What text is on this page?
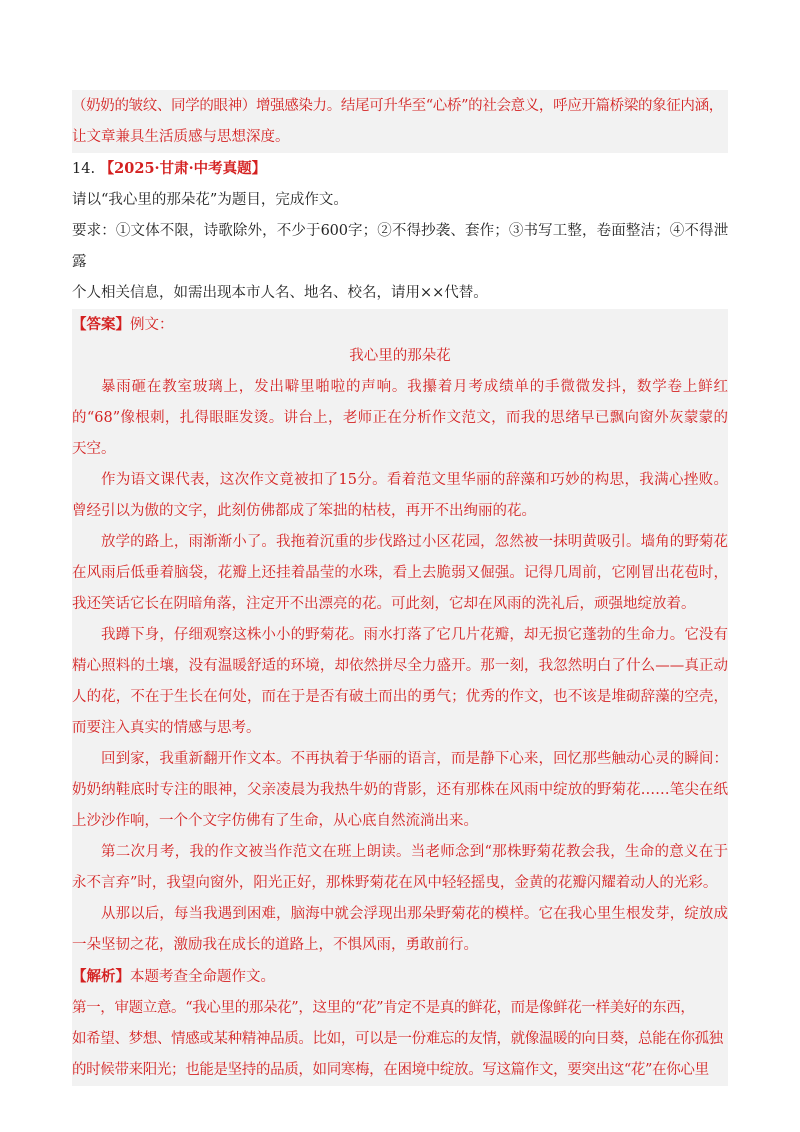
（奶奶的皱纹、同学的眼神）增强感染力。结尾可升华至“心桥”的社会意义，呼应开篇桥梁的象征内涵，

让文章兼具生活质感与思想深度。

14. 【2025·甘肃·中考真题】

请以“我心里的那朵花”为题目，完成作文。

要求：①文体不限，诗歌除外，不少于600字；②不得抄袭、套作；③书写工整，卷面整洁；④不得泄露

个人相关信息，如需出现本市人名、地名、校名，请用××代替。

【答案】例文：

我心里的那朵花

暴雨砸在教室玻璃上，发出噼里啪啦的声响。我攥着月考成绩单的手微微发抖，数学卷上鲜红的“68”像根刺，扎得眼眶发烫。讲台上，老师正在分析作文范文，而我的思绪早已飘向窗外灰蒙蒙的天空。

作为语文课代表，这次作文竟被扣了15分。看着范文里华丽的辞藻和巧妙的构思，我满心挫败。曾经引以为傲的文字，此刻仿佛都成了笨拙的枯枝，再开不出绚丽的花。

放学的路上，雨渐渐小了。我拖着沉重的步伐路过小区花园，忽然被一抹明黄吸引。墙角的野菊花在风雨后低垂着脑袋，花瓣上还挂着晶莹的水珠，看上去脆弱又倔强。记得几周前，它刚冒出花苞时，我还笑话它长在阴暗角落，注定开不出漂亮的花。可此刻，它却在风雨的洗礼后，顽强地绽放着。

我蹲下身，仔细观察这株小小的野菊花。雨水打落了它几片花瓣，却无损它蓬勃的生命力。它没有精心照料的土壤，没有温暖舒适的环境，却依然拼尽全力盛开。那一刻，我忽然明白了什么——真正动人的花，不在于生长在何处，而在于是否有破土而出的勇气；优秀的作文，也不该是堆砌辞藻的空壳，而要注入真实的情感与思考。

回到家，我重新翻开作文本。不再执着于华丽的语言，而是静下心来，回忆那些触动心灵的瞬间：奶奶纳鞋底时专注的眼神，父亲凌晨为我热牛奶的背影，还有那株在风雨中绽放的野菊花……笔尖在纸上沙沙作响，一个个文字仿佛有了生命，从心底自然流淌出来。

第二次月考，我的作文被当作范文在班上朗读。当老师念到“那株野菊花教会我，生命的意义在于永不言弃”时，我望向窗外，阳光正好，那株野菊花在风中轻轻摇曳，金黄的花瓣闪耀着动人的光彩。

从那以后，每当我遇到困难，脑海中就会浮现出那朵野菊花的模样。它在我心里生根发芽，绽放成一朵坚韧之花，激励我在成长的道路上，不惧风雨，勇敢前行。

【解析】本题考查全命题作文。

第一，审题立意。“我心里的那朵花”，这里的“花”肯定不是真的鲜花，而是像鲜花一样美好的东西，

如希望、梦想、情感或某种精神品质。比如，可以是一份难忘的友情，就像温暖的向日葵，总能在你孤独

的时候带来阳光；也能是坚持的品质，如同寒梅，在困境中绽放。写这篇作文，要突出这“花”在你心里
